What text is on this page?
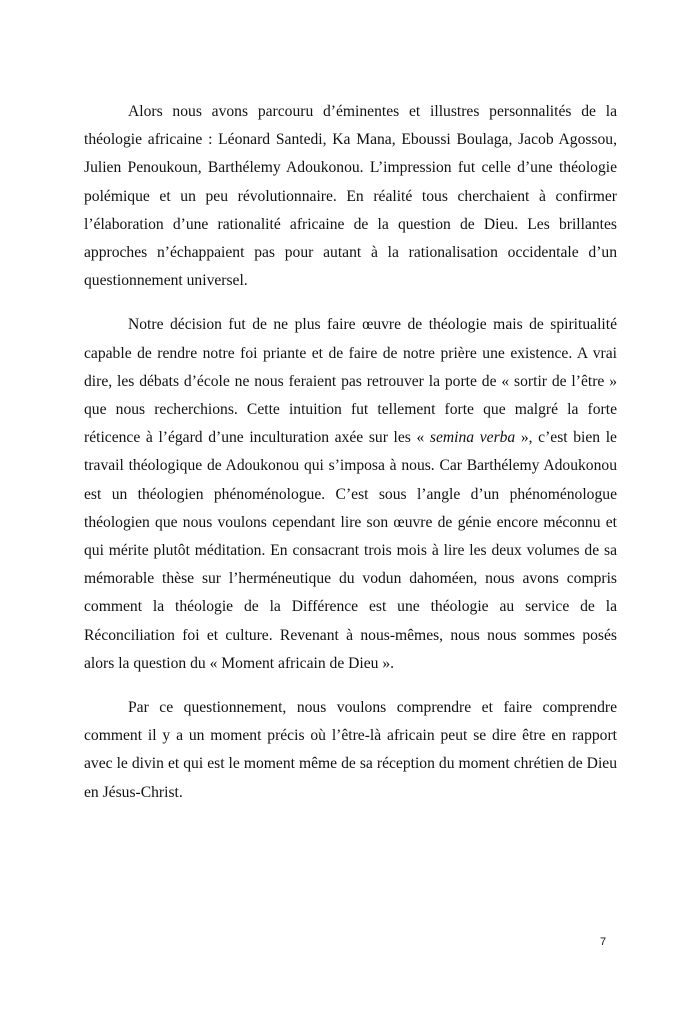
Alors nous avons parcouru d’éminentes et illustres personnalités de la théologie africaine : Léonard Santedi, Ka Mana, Eboussi Boulaga, Jacob Agossou, Julien Penoukoun, Barthélemy Adoukonou. L’impression fut celle d’une théologie polémique et un peu révolutionnaire. En réalité tous cherchaient à confirmer l’élaboration d’une rationalité africaine de la question de Dieu. Les brillantes approches n’échappaient pas pour autant à la rationalisation occidentale d’un questionnement universel.

Notre décision fut de ne plus faire œuvre de théologie mais de spiritualité capable de rendre notre foi priante et de faire de notre prière une existence. A vrai dire, les débats d’école ne nous feraient pas retrouver la porte de « sortir de l’être » que nous recherchions. Cette intuition fut tellement forte que malgré la forte réticence à l’égard d’une inculturation axée sur les « semina verba », c’est bien le travail théologique de Adoukonou qui s’imposa à nous. Car Barthélemy Adoukonou est un théologien phénoménologue. C’est sous l’angle d’un phénoménologue théologien que nous voulons cependant lire son œuvre de génie encore méconnu et qui mérite plutôt méditation. En consacrant trois mois à lire les deux volumes de sa mémorable thèse sur l’herméneutique du vodun dahoméen, nous avons compris comment la théologie de la Différence est une théologie au service de la Réconciliation foi et culture. Revenant à nous-mêmes, nous nous sommes posés alors la question du « Moment africain de Dieu ».

Par ce questionnement, nous voulons comprendre et faire comprendre comment il y a un moment précis où l’être-là africain peut se dire être en rapport avec le divin et qui est le moment même de sa réception du moment chrétien de Dieu en Jésus-Christ.

7
